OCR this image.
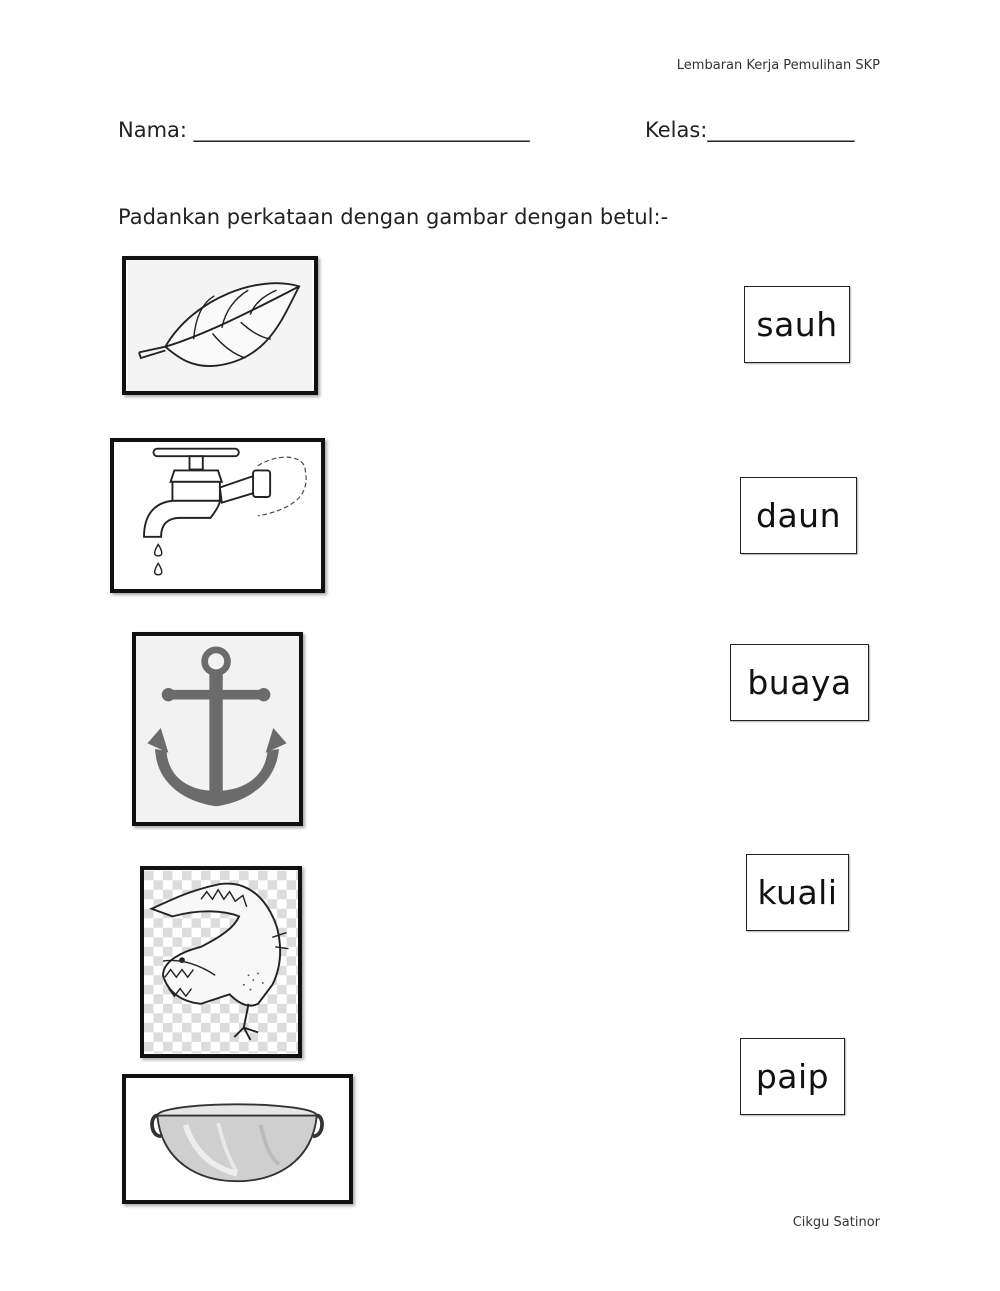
Lembaran Kerja Pemulihan SKP
Nama: ________________________________	Kelas:______________
Padankan perkataan dengan gambar dengan betul:-
sauh
daun
buaya
kuali
paip
Cikgu Satinor
